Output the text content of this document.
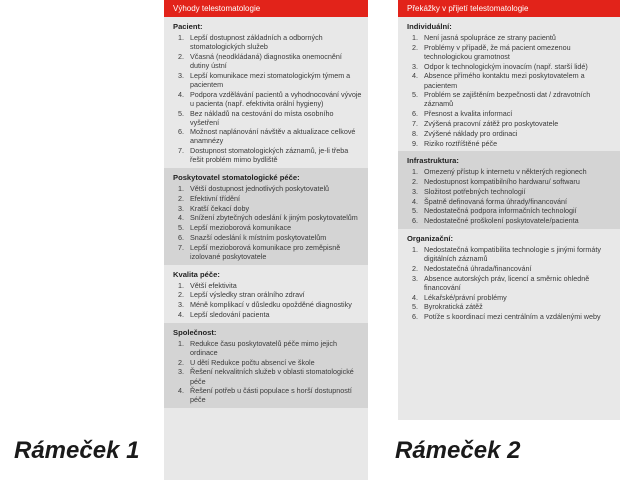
Výhody telestomatologie
Pacient:
1. Lepší dostupnost základních a odborných stomatologických služeb
2. Včasná (neodkládaná) diagnostika onemocnění dutiny ústní
3. Lepší komunikace mezi stomatologickým týmem a pacientem
4. Podpora vzdělávání pacientů a vyhodnocování vývoje u pacienta (např. efektivita orální hygieny)
5. Bez nákladů na cestování do místa osobního vyšetření
6. Možnost naplánování návštěv a aktualizace celkové anamnézy
7. Dostupnost stomatologických záznamů, je-li třeba řešit problém mimo bydliště
Poskytovatel stomatologické péče:
1. Větší dostupnost jednotlivých poskytovatelů
2. Efektivní třídění
3. Kratší čekací doby
4. Snížení zbytečných odeslání k jiným poskytovatelům
5. Lepší mezioborová komunikace
6. Snazší odeslání k místním poskytovatelům
7. Lepší mezioborová komunikace pro zeměpisně izolované poskytovatele
Kvalita péče:
1. Větší efektivita
2. Lepší výsledky stran orálního zdraví
3. Méně komplikací v důsledku opožděné diagnostiky
4. Lepší sledování pacienta
Společnost:
1. Redukce času poskytovatelů péče mimo jejich ordinace
2. U dětí Redukce počtu absencí ve škole
3. Řešení nekvalitních služeb v oblasti stomatologické péče
4. Řešení potřeb u části populace s horší dostupností péče
Překážky v přijetí telestomatologie
Individuální:
1. Není jasná spolupráce ze strany pacientů
2. Problémy v případě, že má pacient omezenou technologickou gramotnost
3. Odpor k technologickým inovacím (např. starší lidé)
4. Absence přímého kontaktu mezi poskytovatelem a pacientem
5. Problém se zajištěním bezpečnosti dat / zdravotních záznamů
6. Přesnost a kvalita informací
7. Zvýšená pracovní zátěž pro poskytovatele
8. Zvýšené náklady pro ordinaci
9. Riziko roztříštěné péče
Infrastruktura:
1. Omezený přístup k internetu v některých regionech
2. Nedostupnost kompatibilního hardwaru/ softwaru
3. Složitost potřebných technologií
4. Špatně definovaná forma úhrady/financování
5. Nedostatečná podpora informačních technologií
6. Nedostatečné proškolení poskytovatele/pacienta
Organizační:
1. Nedostatečná kompatibilita technologie s jinými formáty digitálních záznamů
2. Nedostatečná úhrada/financování
3. Absence autorských práv, licencí a směrnic ohledně financování
4. Lékařské/právní problémy
5. Byrokratická zátěž
6. Potíže s koordinací mezi centrálním a vzdálenými weby
Rámeček 1	Rámeček 2
